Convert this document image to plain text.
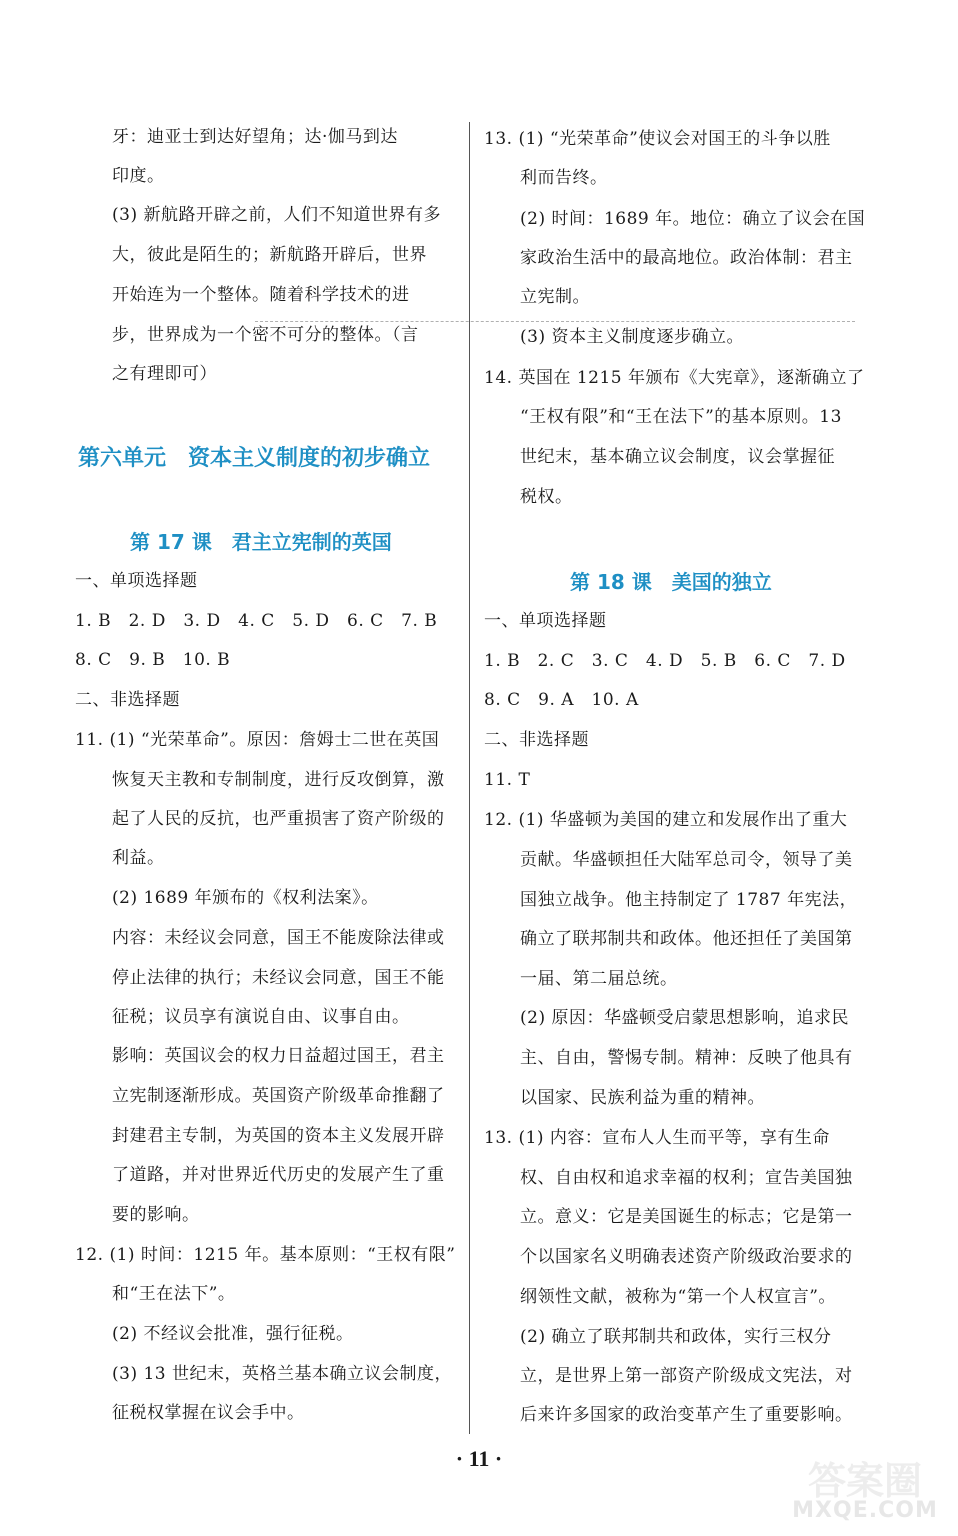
牙：迪亚士到达好望角；达·伽马到达
印度。
(3) 新航路开辟之前，人们不知道世界有多
大，彼此是陌生的；新航路开辟后，世界
开始连为一个整体。随着科学技术的进
步，世界成为一个密不可分的整体。（言
之有理即可）
第六单元　资本主义制度的初步确立
第 17 课　君主立宪制的英国
一、单项选择题
1. B　2. D　3. D　4. C　5. D　6. C　7. B
8. C　9. B　10. B
二、非选择题
11. (1) “光荣革命”。原因：詹姆士二世在英国
恢复天主教和专制制度，进行反攻倒算，激
起了人民的反抗，也严重损害了资产阶级的
利益。
(2) 1689 年颁布的《权利法案》。
内容：未经议会同意，国王不能废除法律或
停止法律的执行；未经议会同意，国王不能
征税；议员享有演说自由、议事自由。
影响：英国议会的权力日益超过国王，君主
立宪制逐渐形成。英国资产阶级革命推翻了
封建君主专制，为英国的资本主义发展开辟
了道路，并对世界近代历史的发展产生了重
要的影响。
12. (1) 时间：1215 年。基本原则：“王权有限”
和“王在法下”。
(2) 不经议会批准，强行征税。
(3) 13 世纪末，英格兰基本确立议会制度，
征税权掌握在议会手中。
13. (1) “光荣革命”使议会对国王的斗争以胜
利而告终。
(2) 时间：1689 年。地位：确立了议会在国
家政治生活中的最高地位。政治体制：君主
立宪制。
(3) 资本主义制度逐步确立。
14. 英国在 1215 年颁布《大宪章》，逐渐确立了
“王权有限”和“王在法下”的基本原则。13
世纪末，基本确立议会制度，议会掌握征
税权。
第 18 课　美国的独立
一、单项选择题
1. B　2. C　3. C　4. D　5. B　6. C　7. D
8. C　9. A　10. A
二、非选择题
11. T
12. (1) 华盛顿为美国的建立和发展作出了重大
贡献。华盛顿担任大陆军总司令，领导了美
国独立战争。他主持制定了 1787 年宪法，
确立了联邦制共和政体。他还担任了美国第
一届、第二届总统。
(2) 原因：华盛顿受启蒙思想影响，追求民
主、自由，警惕专制。精神：反映了他具有
以国家、民族利益为重的精神。
13. (1) 内容：宣布人人生而平等，享有生命
权、自由权和追求幸福的权利；宣告美国独
立。意义：它是美国诞生的标志；它是第一
个以国家名义明确表述资产阶级政治要求的
纲领性文献，被称为“第一个人权宣言”。
(2) 确立了联邦制共和政体，实行三权分
立，是世界上第一部资产阶级成文宪法，对
后来许多国家的政治变革产生了重要影响。
· 11 ·
答案圈
MXQE.COM
